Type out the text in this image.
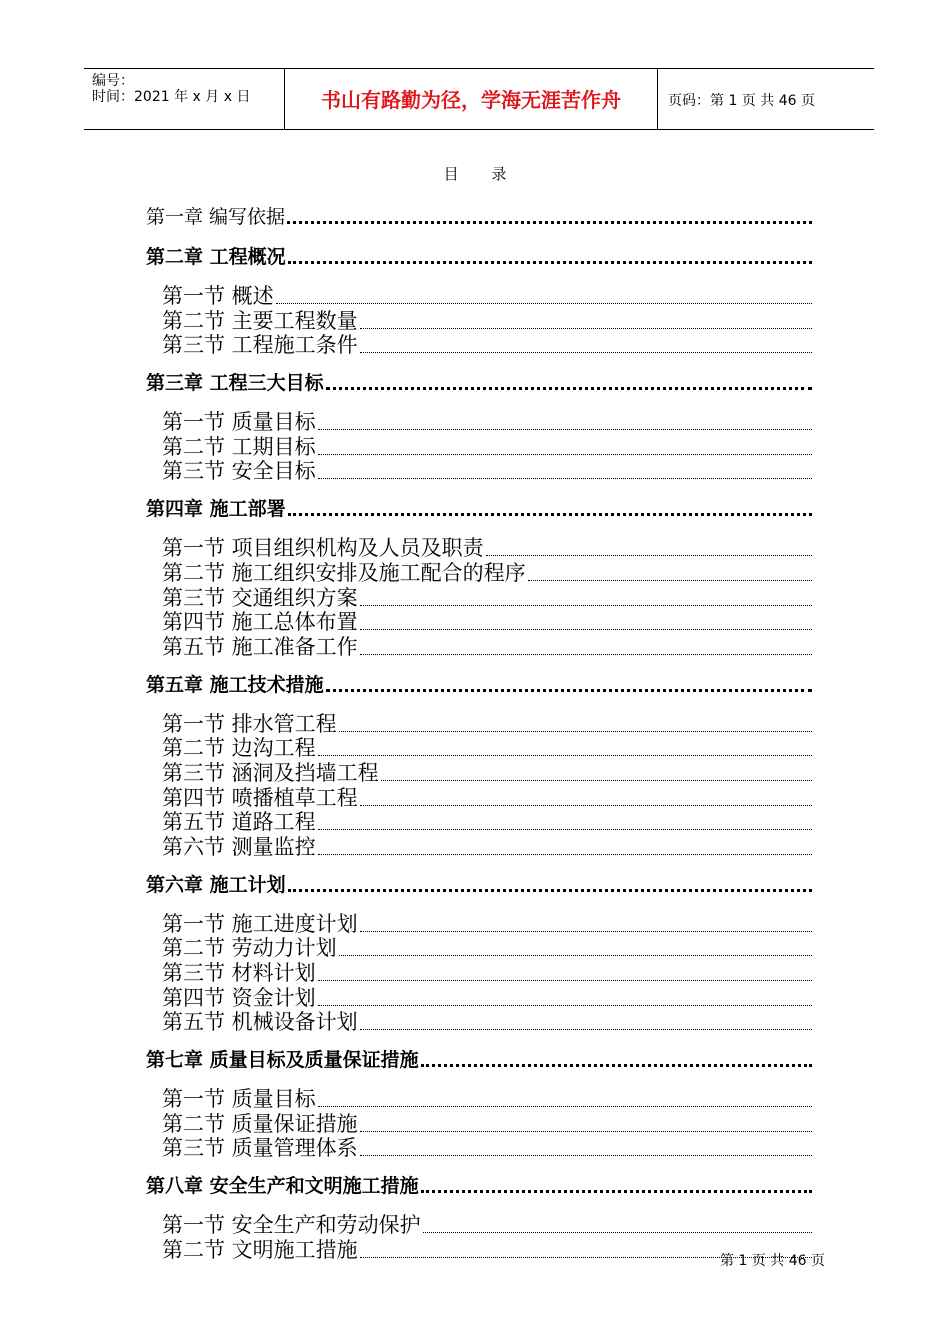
编号：
时间：2021 年 x 月 x 日	书山有路勤为径，学海无涯苦作舟	页码：第 1 页 共 46 页
目 录
第一章 编写依据
第二章 工程概况
第一节 概述
第二节 主要工程数量
第三节 工程施工条件
第三章 工程三大目标
第一节 质量目标
第二节 工期目标
第三节 安全目标
第四章 施工部署
第一节 项目组织机构及人员及职责
第二节 施工组织安排及施工配合的程序
第三节 交通组织方案
第四节 施工总体布置
第五节 施工准备工作
第五章 施工技术措施
第一节 排水管工程
第二节 边沟工程
第三节 涵洞及挡墙工程
第四节 喷播植草工程
第五节 道路工程
第六节 测量监控
第六章 施工计划
第一节 施工进度计划
第二节 劳动力计划
第三节 材料计划
第四节 资金计划
第五节 机械设备计划
第七章 质量目标及质量保证措施
第一节 质量目标
第二节 质量保证措施
第三节 质量管理体系
第八章 安全生产和文明施工措施
第一节 安全生产和劳动保护
第二节 文明施工措施	第 1 页 共 46 页
